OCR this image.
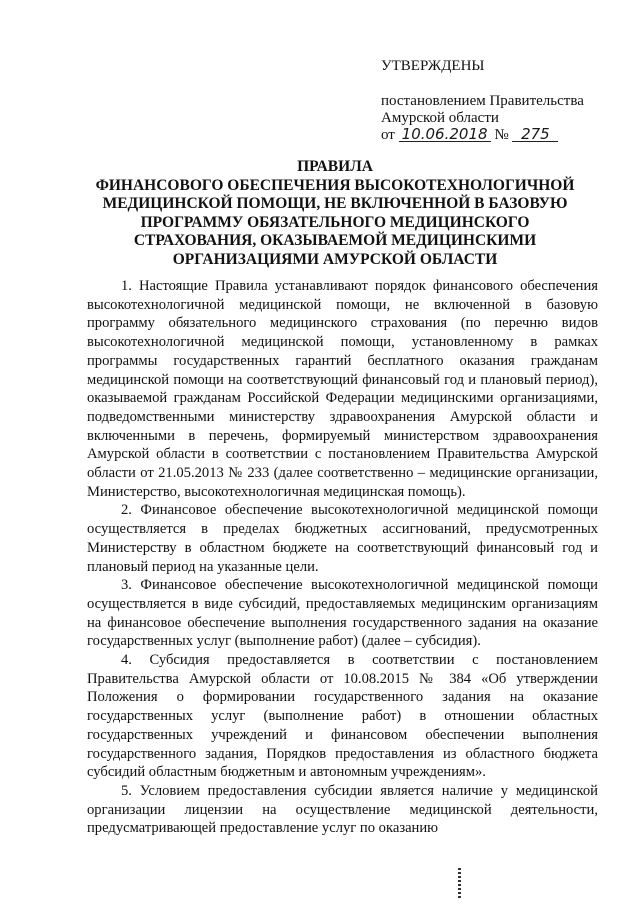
УТВЕРЖДЕНЫ
постановлением Правительства
Амурской области
от 10.06.2018 № 275
ПРАВИЛА
ФИНАНСОВОГО ОБЕСПЕЧЕНИЯ ВЫСОКОТЕХНОЛОГИЧНОЙ МЕДИЦИНСКОЙ ПОМОЩИ, НЕ ВКЛЮЧЕННОЙ В БАЗОВУЮ ПРОГРАММУ ОБЯЗАТЕЛЬНОГО МЕДИЦИНСКОГО СТРАХОВАНИЯ, ОКАЗЫВАЕМОЙ МЕДИЦИНСКИМИ ОРГАНИЗАЦИЯМИ АМУРСКОЙ ОБЛАСТИ

1. Настоящие Правила устанавливают порядок финансового обеспечения высокотехнологичной медицинской помощи, не включенной в базовую программу обязательного медицинского страхования (по перечню видов высокотехнологичной медицинской помощи, установленному в рамках программы государственных гарантий бесплатного оказания гражданам медицинской помощи на соответствующий финансовый год и плановый период), оказываемой гражданам Российской Федерации медицинскими организациями, подведомственными министерству здравоохранения Амурской области и включенными в перечень, формируемый министерством здравоохранения Амурской области в соответствии с постановлением Правительства Амурской области от 21.05.2013 № 233 (далее соответственно – медицинские организации, Министерство, высокотехнологичная медицинская помощь).

2. Финансовое обеспечение высокотехнологичной медицинской помощи осуществляется в пределах бюджетных ассигнований, предусмотренных Министерству в областном бюджете на соответствующий финансовый год и плановый период на указанные цели.

3. Финансовое обеспечение высокотехнологичной медицинской помощи осуществляется в виде субсидий, предоставляемых медицинским организациям на финансовое обеспечение выполнения государственного задания на оказание государственных услуг (выполнение работ) (далее – субсидия).

4. Субсидия предоставляется в соответствии с постановлением Правительства Амурской области от 10.08.2015 № 384 «Об утверждении Положения о формировании государственного задания на оказание государственных услуг (выполнение работ) в отношении областных государственных учреждений и финансовом обеспечении выполнения государственного задания, Порядков предоставления из областного бюджета субсидий областным бюджетным и автономным учреждениям».

5. Условием предоставления субсидии является наличие у медицинской организации лицензии на осуществление медицинской деятельности, предусматривающей предоставление услуг по оказанию
